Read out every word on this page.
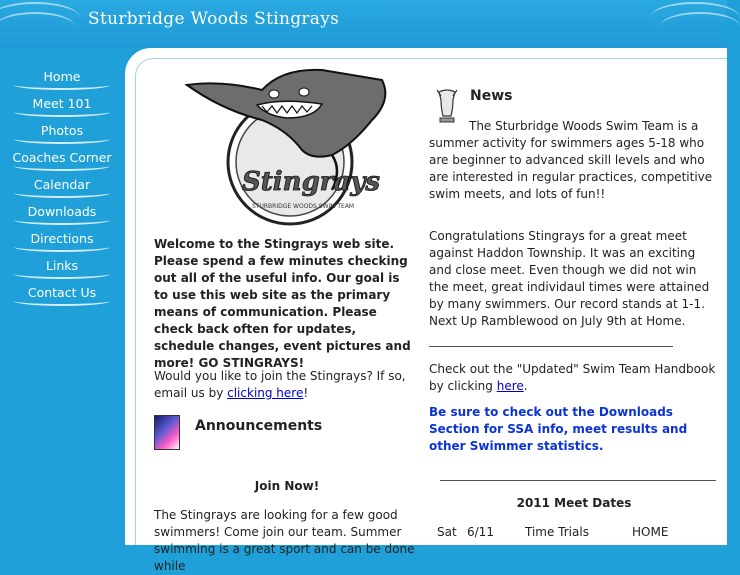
Sturbridge Woods Stingrays
Home
Meet 101
Photos
Coaches Corner
Calendar
Downloads
Directions
Links
Contact Us
Stingrays
STURBRIDGE WOODS SWIM TEAM

Welcome to the Stingrays web site. Please spend a few minutes checking out all of the useful info. Our goal is to use this web site as the primary means of communication. Please check back often for updates, schedule changes, event pictures and more! GO STINGRAYS!

Would you like to join the Stingrays? If so, email us by clicking here!

Announcements
Join Now!

The Stingrays are looking for a few good swimmers! Come join our team. Summer swimming is a great sport and can be done while

News

The Sturbridge Woods Swim Team is a summer activity for swimmers ages 5-18 who are beginner to advanced skill levels and who are interested in regular practices, competitive swim meets, and lots of fun!!

Congratulations Stingrays for a great meet against Haddon Township. It was an exciting and close meet. Even though we did not win the meet, great individaul times were attained by many swimmers. Our record stands at 1-1. Next Up Ramblewood on July 9th at Home.

Check out the "Updated" Swim Team Handbook by clicking here.

Be sure to check out the Downloads Section for SSA info, meet results and other Swimmer statistics.

2011 Meet Dates
Sat 6/11	Time Trials	HOME
